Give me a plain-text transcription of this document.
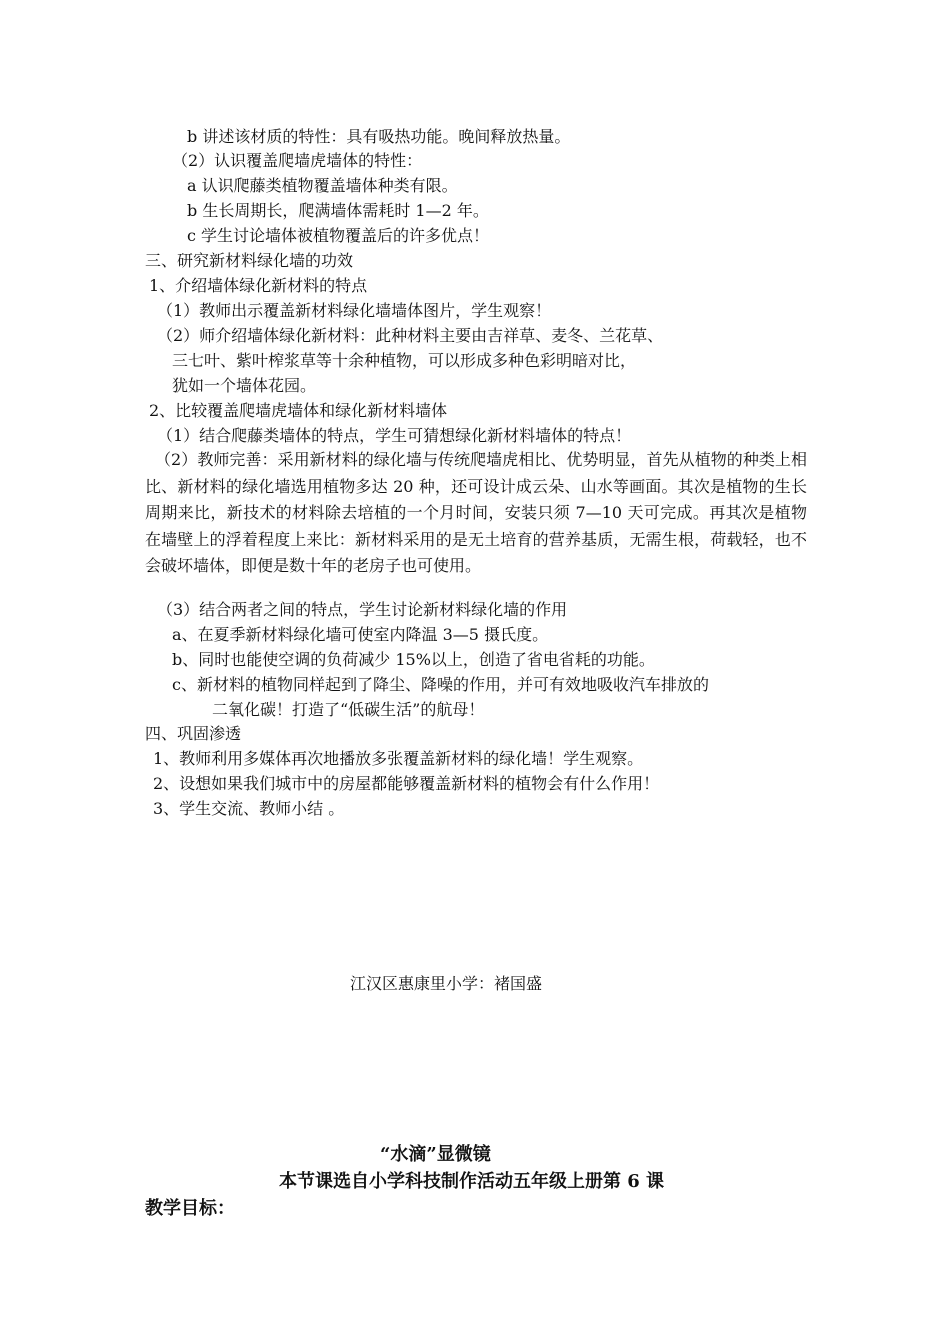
b 讲述该材质的特性：具有吸热功能。晚间释放热量。
（2）认识覆盖爬墙虎墙体的特性：
a 认识爬藤类植物覆盖墙体种类有限。
b 生长周期长，爬满墙体需耗时 1—2 年。
c 学生讨论墙体被植物覆盖后的许多优点！
三、研究新材料绿化墙的功效
1、介绍墙体绿化新材料的特点
（1）教师出示覆盖新材料绿化墙墙体图片，学生观察！
（2）师介绍墙体绿化新材料：此种材料主要由吉祥草、麦冬、兰花草、
三七叶、紫叶榨浆草等十余种植物，可以形成多种色彩明暗对比，
犹如一个墙体花园。
2、比较覆盖爬墙虎墙体和绿化新材料墙体
（1）结合爬藤类墙体的特点，学生可猜想绿化新材料墙体的特点！
（2）教师完善：采用新材料的绿化墙与传统爬墙虎相比、优势明显，首先从植物的种类上相比、新材料的绿化墙选用植物多达 20 种，还可设计成云朵、山水等画面。其次是植物的生长周期来比，新技术的材料除去培植的一个月时间，安装只须 7—10 天可完成。再其次是植物在墙壁上的浮着程度上来比：新材料采用的是无土培育的营养基质，无需生根，荷载轻，也不会破坏墙体，即便是数十年的老房子也可使用。
（3）结合两者之间的特点，学生讨论新材料绿化墙的作用
a、在夏季新材料绿化墙可使室内降温 3—5 摄氏度。
b、同时也能使空调的负荷减少 15%以上，创造了省电省耗的功能。
c、新材料的植物同样起到了降尘、降噪的作用，并可有效地吸收汽车排放的
二氧化碳！打造了“低碳生活”的航母！
四、巩固渗透
1、教师利用多媒体再次地播放多张覆盖新材料的绿化墙！学生观察。
2、设想如果我们城市中的房屋都能够覆盖新材料的植物会有什么作用！
3、学生交流、教师小结 。
江汉区惠康里小学：褚国盛
“水滴”显微镜
本节课选自小学科技制作活动五年级上册第 6 课
教学目标：
